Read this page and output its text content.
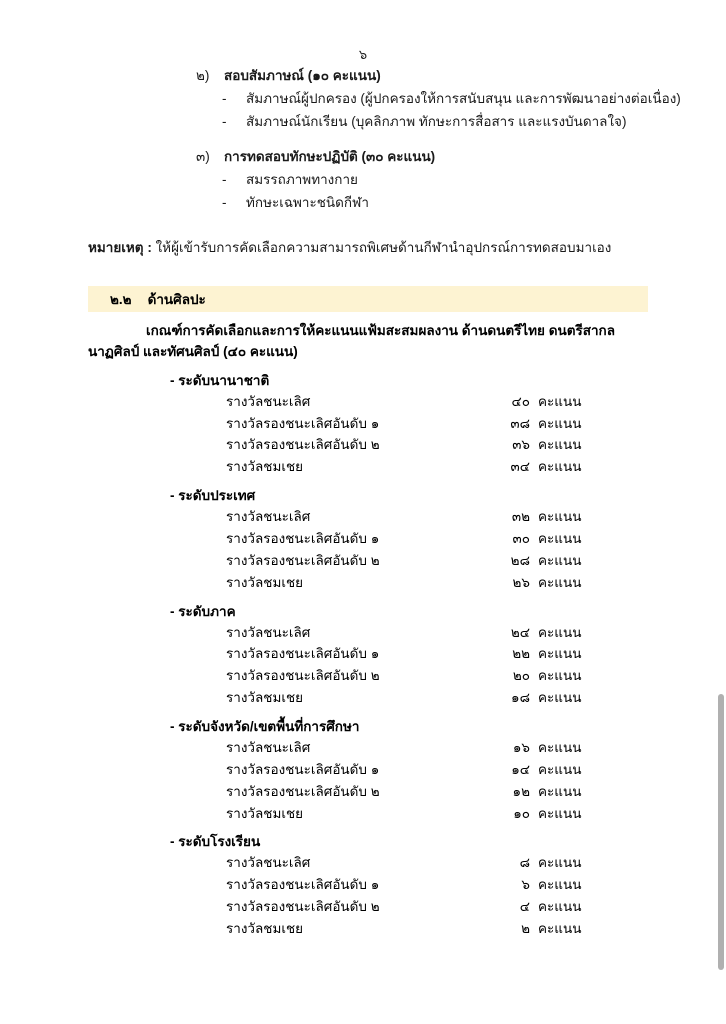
๖
๒)	สอบสัมภาษณ์ (๑๐ คะแนน)
-	สัมภาษณ์ผู้ปกครอง (ผู้ปกครองให้การสนับสนุน และการพัฒนาอย่างต่อเนื่อง)
-	สัมภาษณ์นักเรียน (บุคลิกภาพ ทักษะการสื่อสาร และแรงบันดาลใจ)
๓)	การทดสอบทักษะปฏิบัติ (๓๐ คะแนน)
-	สมรรถภาพทางกาย
-	ทักษะเฉพาะชนิดกีฬา
หมายเหตุ : ให้ผู้เข้ารับการคัดเลือกความสามารถพิเศษด้านกีฬานำอุปกรณ์การทดสอบมาเอง
๒.๒ ด้านศิลปะ
เกณฑ์การคัดเลือกและการให้คะแนนแฟ้มสะสมผลงาน ด้านดนตรีไทย ดนตรีสากล นาฏศิลป์ และทัศนศิลป์ (๔๐ คะแนน)
- ระดับนานาชาติ
รางวัลชนะเลิศ	๔๐ คะแนน
รางวัลรองชนะเลิศอันดับ ๑	๓๘ คะแนน
รางวัลรองชนะเลิศอันดับ ๒	๓๖ คะแนน
รางวัลชมเชย	๓๔ คะแนน
- ระดับประเทศ
รางวัลชนะเลิศ	๓๒ คะแนน
รางวัลรองชนะเลิศอันดับ ๑	๓๐ คะแนน
รางวัลรองชนะเลิศอันดับ ๒	๒๘ คะแนน
รางวัลชมเชย	๒๖ คะแนน
- ระดับภาค
รางวัลชนะเลิศ	๒๔ คะแนน
รางวัลรองชนะเลิศอันดับ ๑	๒๒ คะแนน
รางวัลรองชนะเลิศอันดับ ๒	๒๐ คะแนน
รางวัลชมเชย	๑๘ คะแนน
- ระดับจังหวัด/เขตพื้นที่การศึกษา
รางวัลชนะเลิศ	๑๖ คะแนน
รางวัลรองชนะเลิศอันดับ ๑	๑๔ คะแนน
รางวัลรองชนะเลิศอันดับ ๒	๑๒ คะแนน
รางวัลชมเชย	๑๐ คะแนน
- ระดับโรงเรียน
รางวัลชนะเลิศ	๘ คะแนน
รางวัลรองชนะเลิศอันดับ ๑	๖ คะแนน
รางวัลรองชนะเลิศอันดับ ๒	๔ คะแนน
รางวัลชมเชย	๒ คะแนน
